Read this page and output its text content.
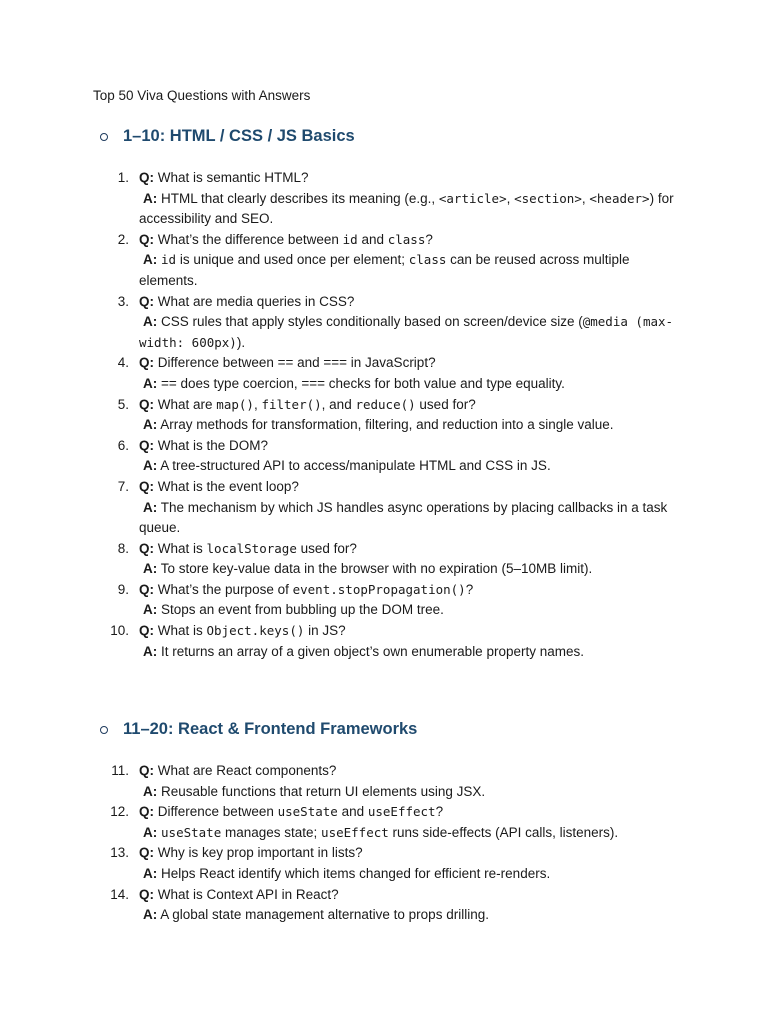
Top 50 Viva Questions with Answers
1–10: HTML / CSS / JS Basics
1. Q: What is semantic HTML?
A: HTML that clearly describes its meaning (e.g., <article>, <section>, <header>) for accessibility and SEO.
2. Q: What’s the difference between id and class?
A: id is unique and used once per element; class can be reused across multiple elements.
3. Q: What are media queries in CSS?
A: CSS rules that apply styles conditionally based on screen/device size (@media (max-width: 600px)).
4. Q: Difference between == and === in JavaScript?
A: == does type coercion, === checks for both value and type equality.
5. Q: What are map(), filter(), and reduce() used for?
A: Array methods for transformation, filtering, and reduction into a single value.
6. Q: What is the DOM?
A: A tree-structured API to access/manipulate HTML and CSS in JS.
7. Q: What is the event loop?
A: The mechanism by which JS handles async operations by placing callbacks in a task queue.
8. Q: What is localStorage used for?
A: To store key-value data in the browser with no expiration (5–10MB limit).
9. Q: What’s the purpose of event.stopPropagation()?
A: Stops an event from bubbling up the DOM tree.
10. Q: What is Object.keys() in JS?
A: It returns an array of a given object’s own enumerable property names.
11–20: React & Frontend Frameworks
11. Q: What are React components?
A: Reusable functions that return UI elements using JSX.
12. Q: Difference between useState and useEffect?
A: useState manages state; useEffect runs side-effects (API calls, listeners).
13. Q: Why is key prop important in lists?
A: Helps React identify which items changed for efficient re-renders.
14. Q: What is Context API in React?
A: A global state management alternative to props drilling.
